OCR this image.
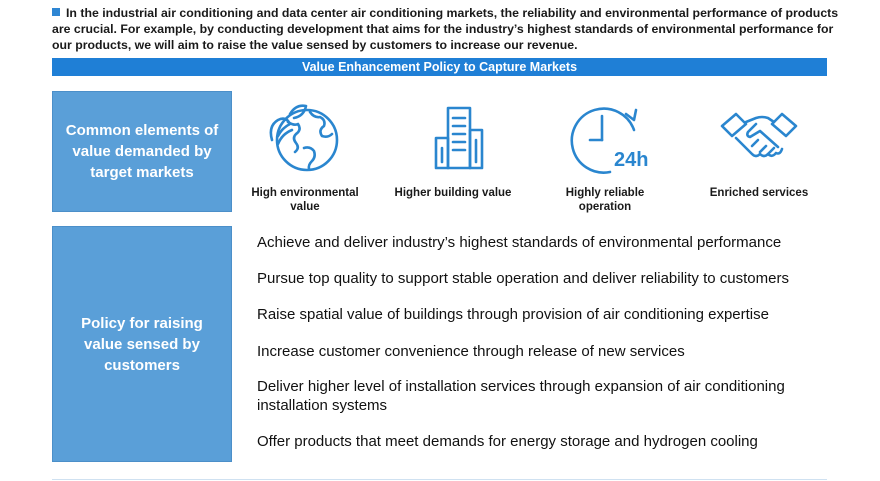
In the industrial air conditioning and data center air conditioning markets, the reliability and environmental performance of products are crucial. For example, by conducting development that aims for the industry’s highest standards of environmental performance for our products, we will aim to raise the value sensed by customers to increase our revenue.
Value Enhancement Policy to Capture Markets
Common elements of value demanded by target markets
High environmental value
Higher building value
24h
Highly reliable operation
Enriched services
Policy for raising value sensed by customers
Achieve and deliver industry’s highest standards of environmental performance
Pursue top quality to support stable operation and deliver reliability to customers
Raise spatial value of buildings through provision of air conditioning expertise
Increase customer convenience through release of new services
Deliver higher level of installation services through expansion of air conditioning installation systems
Offer products that meet demands for energy storage and hydrogen cooling
